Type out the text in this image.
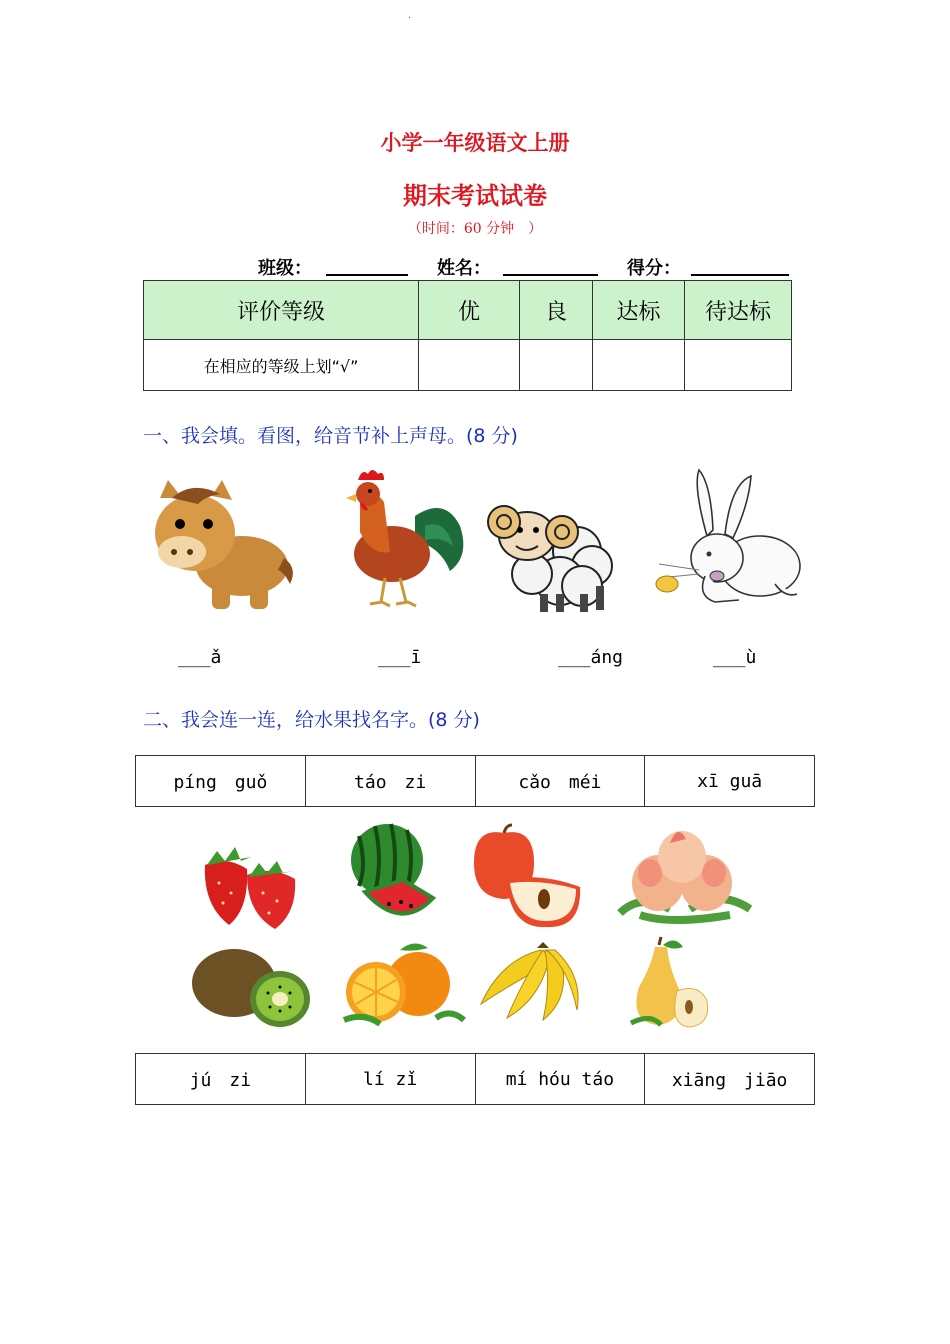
.
小学一年级语文上册
期末考试试卷
（时间：60 分钟　）
班级：	姓名：	得分：
评价等级	优	良	达标	待达标
在相应的等级上划“√”				
一、我会填。看图，给音节补上声母。(8 分)
___ǎ	___ī	___áng	___ù
二、我会连一连，给水果找名字。(8 分)
píng　guǒ	táo　zi	cǎo　méi	xī guā
jú　zi	lí zǐ	mí hóu táo	xiāng　jiāo
